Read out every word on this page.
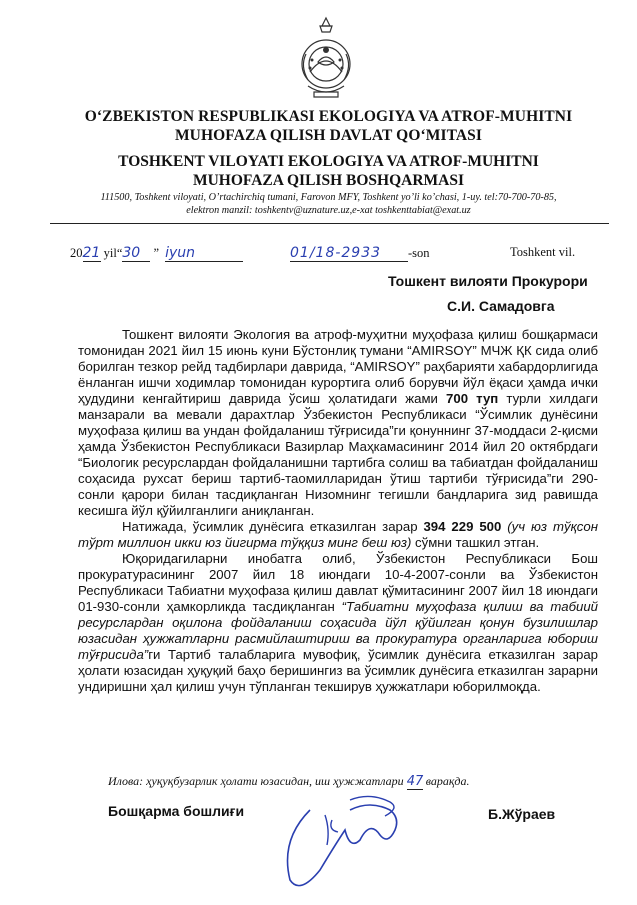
O‘ZBEKISTON RESPUBLIKASI EKOLOGIYA VA ATROF-MUHITNI
MUHOFAZA QILISH DAVLAT QO‘MITASI
TOSHKENT VILOYATI EKOLOGIYA VA ATROF-MUHITNI
MUHOFAZA QILISH BOSHQARMASI
111500, Toshkent viloyati, O’rtachirchiq tumani, Farovon MFY, Toshkent yo’li ko’chasi, 1-uy. tel:70-700-70-85,
elektron manzil: toshkentv@uznature.uz,e-xat toshkenttabiat@exat.uz
2021 yil“30 ” iyun	01/18-2933 -son	Toshkent vil.
Тошкент вилояти Прокурори
С.И. Самадовга

Тошкент вилояти Экология ва атроф-муҳитни муҳофаза қилиш бошқармаси томонидан 2021 йил 15 июнь куни Бўстонлиқ тумани “AMIRSOY” МЧЖ ҚК сида олиб борилган тезкор рейд тадбирлари даврида, “AMIRSOY” раҳбарияти хабардорлигида ёнланган ишчи ходимлар томонидан курортига олиб борувчи йўл ёқаси ҳамда ички ҳудудини кенгайтириш даврида ўсиш ҳолатидаги жами 700 туп турли хилдаги манзарали ва мевали дарахтлар Ўзбекистон Республикаси “Ўсимлик дунёсини муҳофаза қилиш ва ундан фойдаланиш тўғрисида”ги қонуннинг 37-моддаси 2-қисми ҳамда Ўзбекистон Республикаси Вазирлар Маҳкамасининг 2014 йил 20 октябрдаги “Биологик ресурслардан фойдаланишни тартибга солиш ва табиатдан фойдаланиш соҳасида рухсат бериш тартиб-таомилларидан ўтиш тартиби тўғрисида”ги 290-сонли қарори билан тасдиқланган Низомнинг тегишли бандларига зид равишда кесишга йўл қўйилганлиги аниқланган.

Натижада, ўсимлик дунёсига етказилган зарар 394 229 500 (уч юз тўқсон тўрт миллион икки юз йигирма тўққиз минг беш юз) сўмни ташкил этган.

Юқоридагиларни инобатга олиб, Ўзбекистон Республикаси Бош прокуратурасининг 2007 йил 18 июндаги 10-4-2007-сонли ва Ўзбекистон Республикаси Табиатни муҳофаза қилиш давлат қўмитасининг 2007 йил 18 июндаги 01-930-сонли ҳамкорликда тасдиқланган “Табиатни муҳофаза қилиш ва табиий ресурслардан оқилона фойдаланиш соҳасида йўл қўйилган қонун бузилишлар юзасидан ҳужжатларни расмийлаштириш ва прокуратура органларига юбориш тўғрисида”ги Тартиб талабларига мувофиқ, ўсимлик дунёсига етказилган зарар ҳолати юзасидан ҳуқуқий баҳо беришингиз ва ўсимлик дунёсига етказилган зарарни ундиришни ҳал қилиш учун тўпланган текширув ҳужжатлари юборилмоқда.

Илова: ҳуқуқбузарлик ҳолати юзасидан, иш ҳужжатлари 47 варақда.
Бошқарма бошлиғи	Б.Жўраев
